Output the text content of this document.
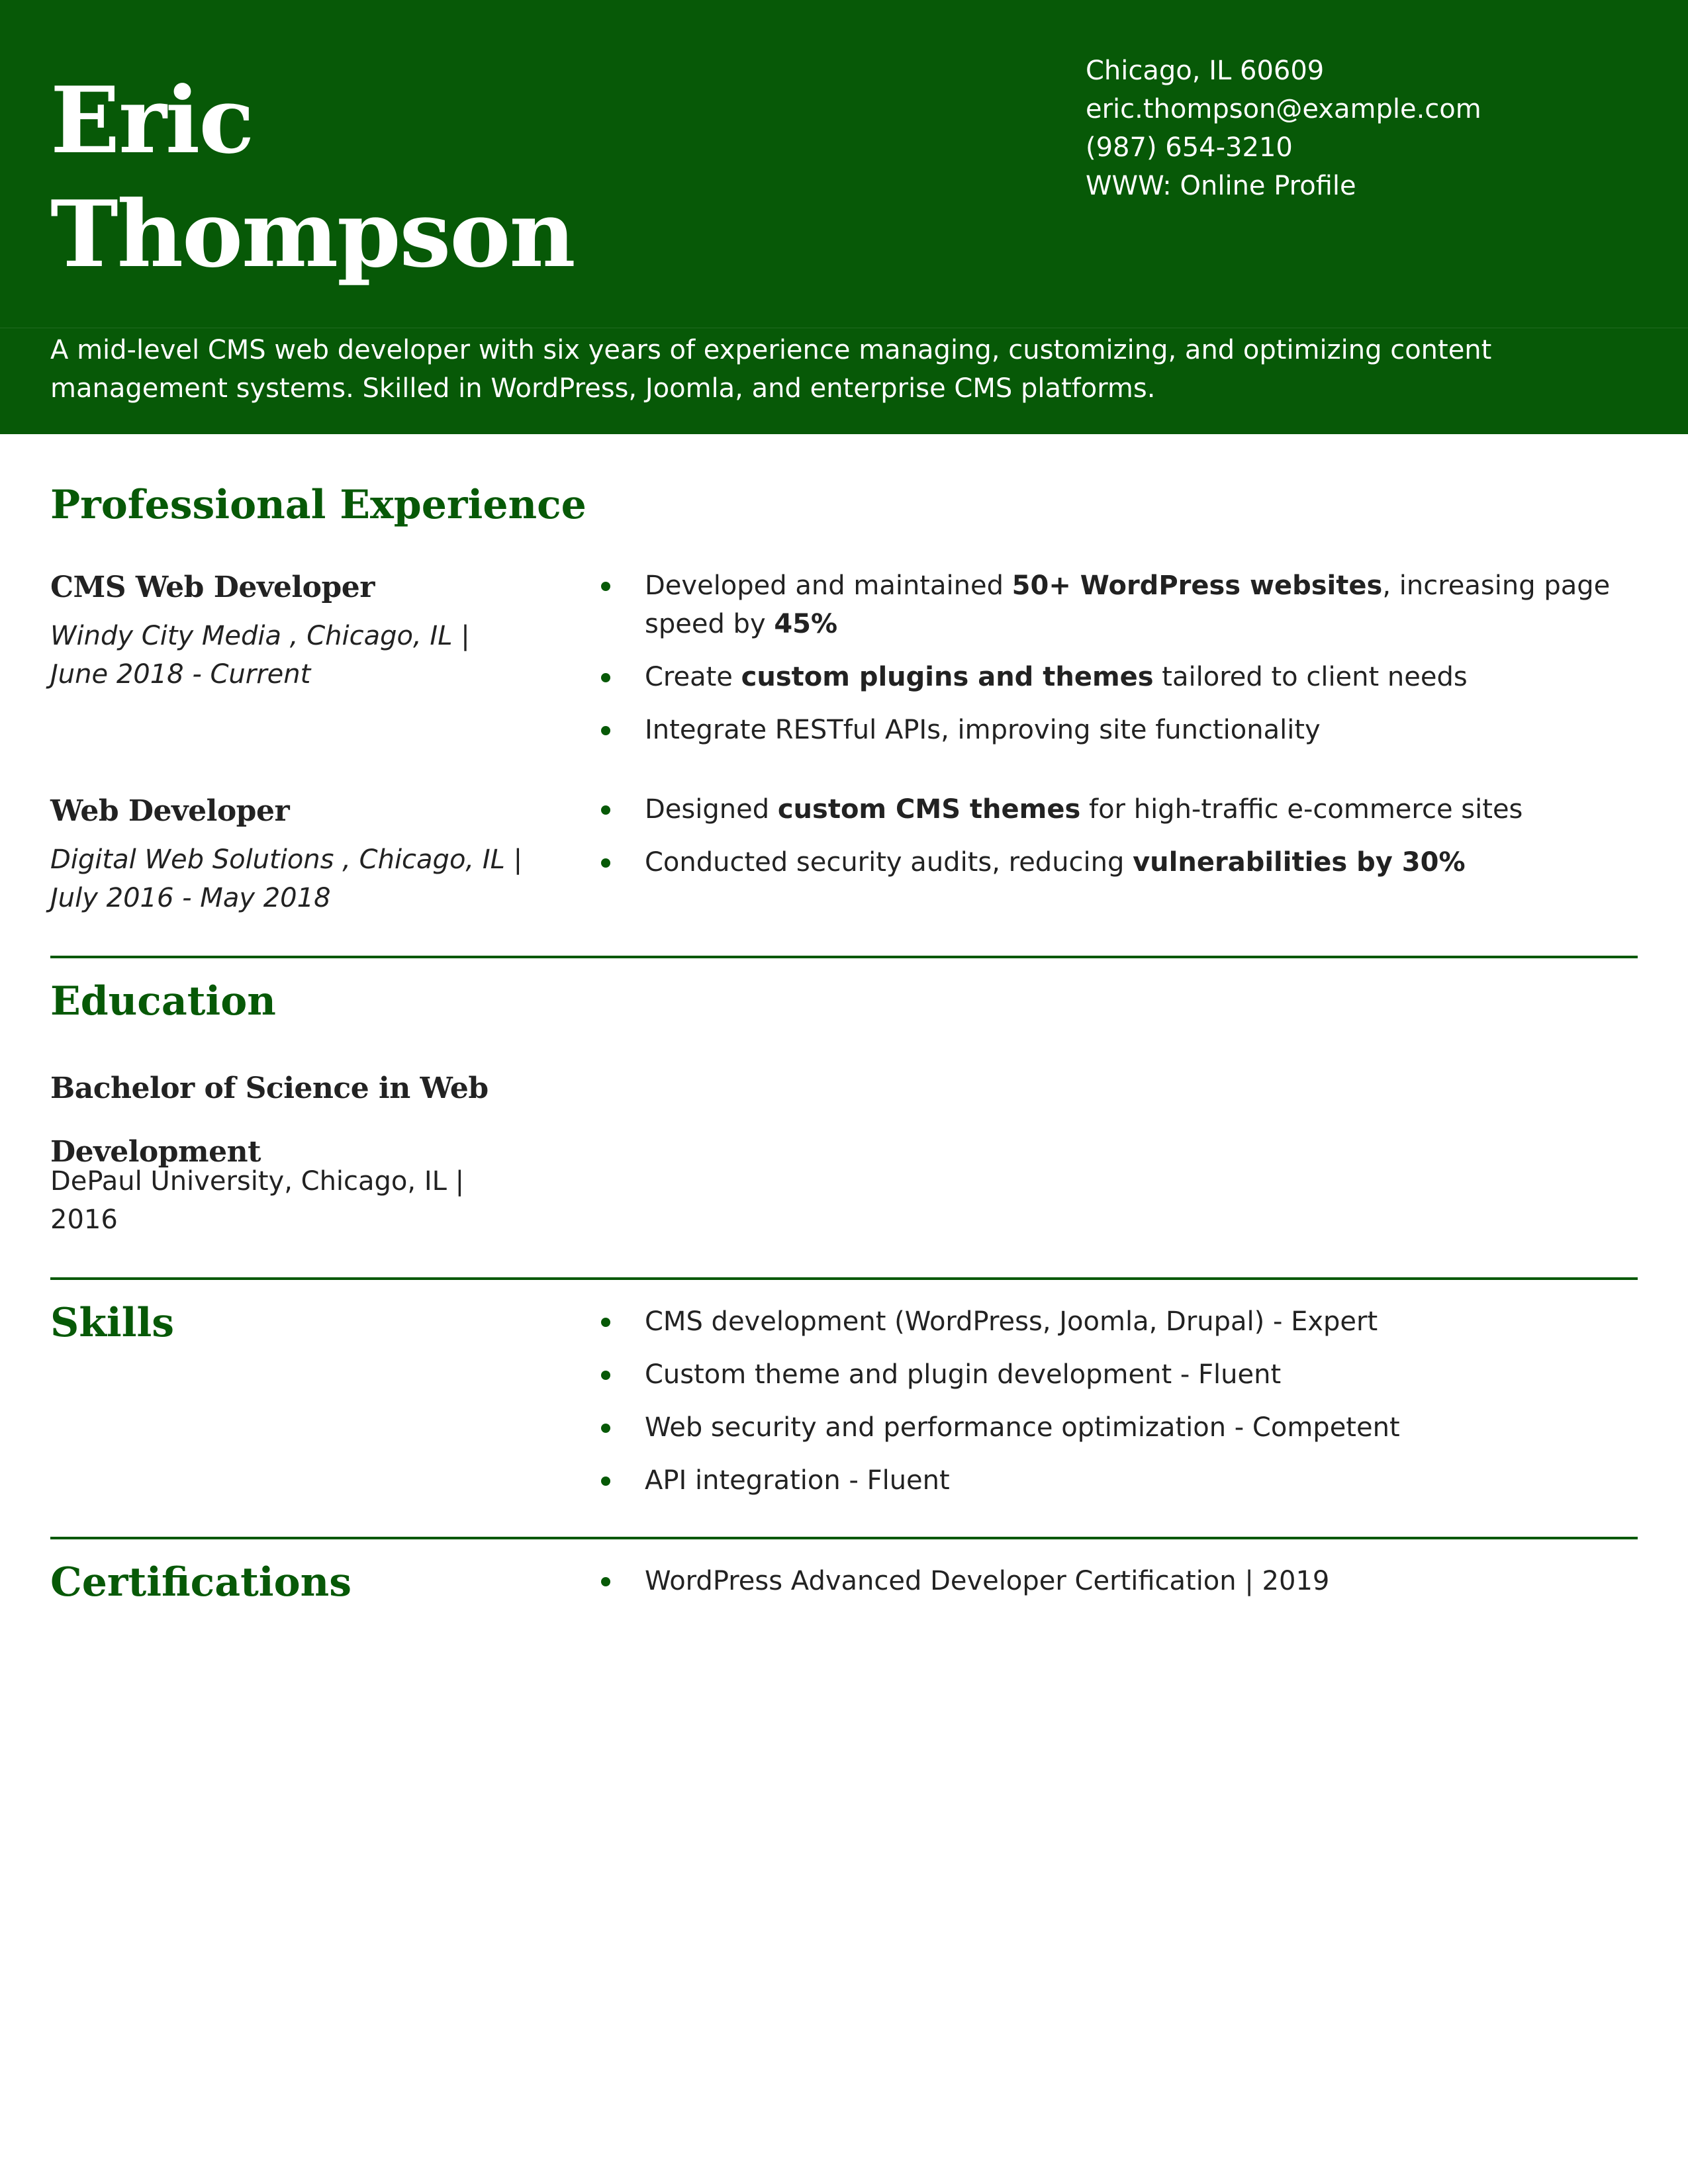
Eric
Thompson
Chicago, IL 60609
eric.thompson@example.com
(987) 654-3210
WWW: Online Profile

A mid-level CMS web developer with six years of experience managing, customizing, and optimizing content management systems. Skilled in WordPress, Joomla, and enterprise CMS platforms.

Professional Experience
CMS Web Developer
Windy City Media , Chicago, IL |
June 2018 - Current
Developed and maintained 50+ WordPress websites, increasing page speed by 45%
Create custom plugins and themes tailored to client needs
Integrate RESTful APIs, improving site functionality
Web Developer
Digital Web Solutions , Chicago, IL |
July 2016 - May 2018
Designed custom CMS themes for high-traffic e-commerce sites
Conducted security audits, reducing vulnerabilities by 30%
Education
Bachelor of Science in Web Development
DePaul University, Chicago, IL |
2016
Skills	CMS development (WordPress, Joomla, Drupal) - Expert
Custom theme and plugin development - Fluent
Web security and performance optimization - Competent
API integration - Fluent
Certifications	WordPress Advanced Developer Certification | 2019
